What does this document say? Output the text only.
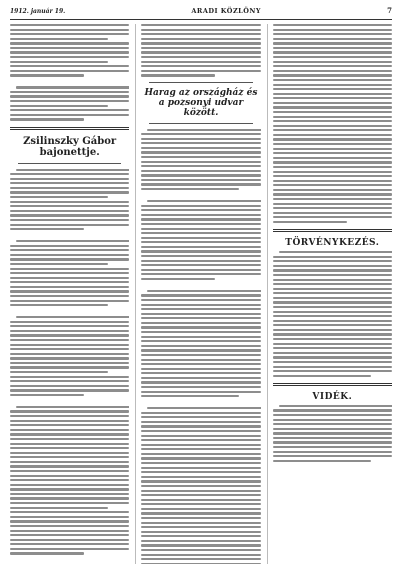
1912. január 19.	ARADI KÖZLÖNY	7
Zsilinszky Gábor bajonettje.
Harag az országház és a pozsonyi udvar között.
TÖRVÉNYKEZÉS.
VIDÉK.
